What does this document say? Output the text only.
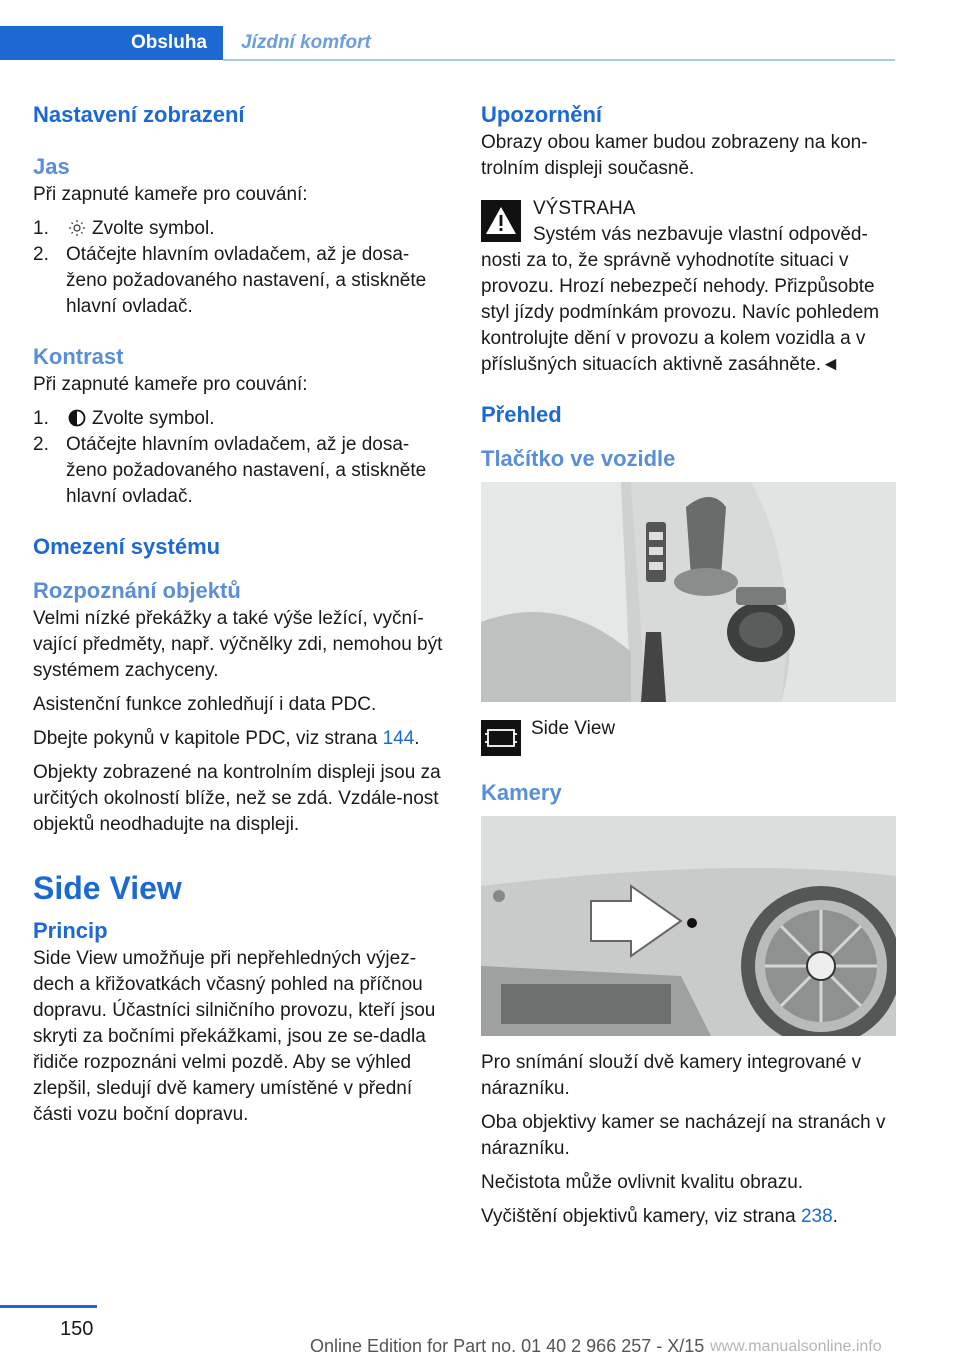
Obsluha	Jízdní komfort
Nastavení zobrazení
Jas

Při zapnuté kameře pro couvání:

1.	Zvolte symbol.
2. Otáčejte hlavním ovladačem, až je dosa‐ženo požadovaného nastavení, a stiskněte hlavní ovladač.
Kontrast

Při zapnuté kameře pro couvání:

1.	Zvolte symbol.
2. Otáčejte hlavním ovladačem, až je dosa‐ženo požadovaného nastavení, a stiskněte hlavní ovladač.
Omezení systému
Rozpoznání objektů

Velmi nízké překážky a také výše ležící, vyční‐vající předměty, např. výčnělky zdi, nemohou být systémem zachyceny.

Asistenční funkce zohledňují i data PDC.

Dbejte pokynů v kapitole PDC, viz strana 144.

Objekty zobrazené na kontrolním displeji jsou za určitých okolností blíže, než se zdá. Vzdále‐nost objektů neodhadujte na displeji.

Side View
Princip

Side View umožňuje při nepřehledných výjez‐dech a křižovatkách včasný pohled na příčnou dopravu. Účastníci silničního provozu, kteří jsou skryti za bočními překážkami, jsou ze se‐dadla řidiče rozpoznáni velmi pozdě. Aby se výhled zlepšil, sledují dvě kamery umístěné v přední části vozu boční dopravu.

Upozornění

Obrazy obou kamer budou zobrazeny na kon‐trolním displeji současně.

VÝSTRAHA

Systém vás nezbavuje vlastní odpověd‐nosti za to, že správně vyhodnotíte situaci v provozu. Hrozí nebezpečí nehody. Přizpůsobte styl jízdy podmínkám provozu. Navíc pohledem kontrolujte dění v provozu a kolem vozidla a v příslušných situacích aktivně zasáhněte.◄

Přehled
Tlačítko ve vozidle
Side View
Kamery

Pro snímání slouží dvě kamery integrované v nárazníku.

Oba objektivy kamer se nacházejí na stranách v nárazníku.

Nečistota může ovlivnit kvalitu obrazu.

Vyčištění objektivů kamery, viz strana 238.

150
Online Edition for Part no. 01 40 2 966 257 - X/15 www.manualsonline.info
